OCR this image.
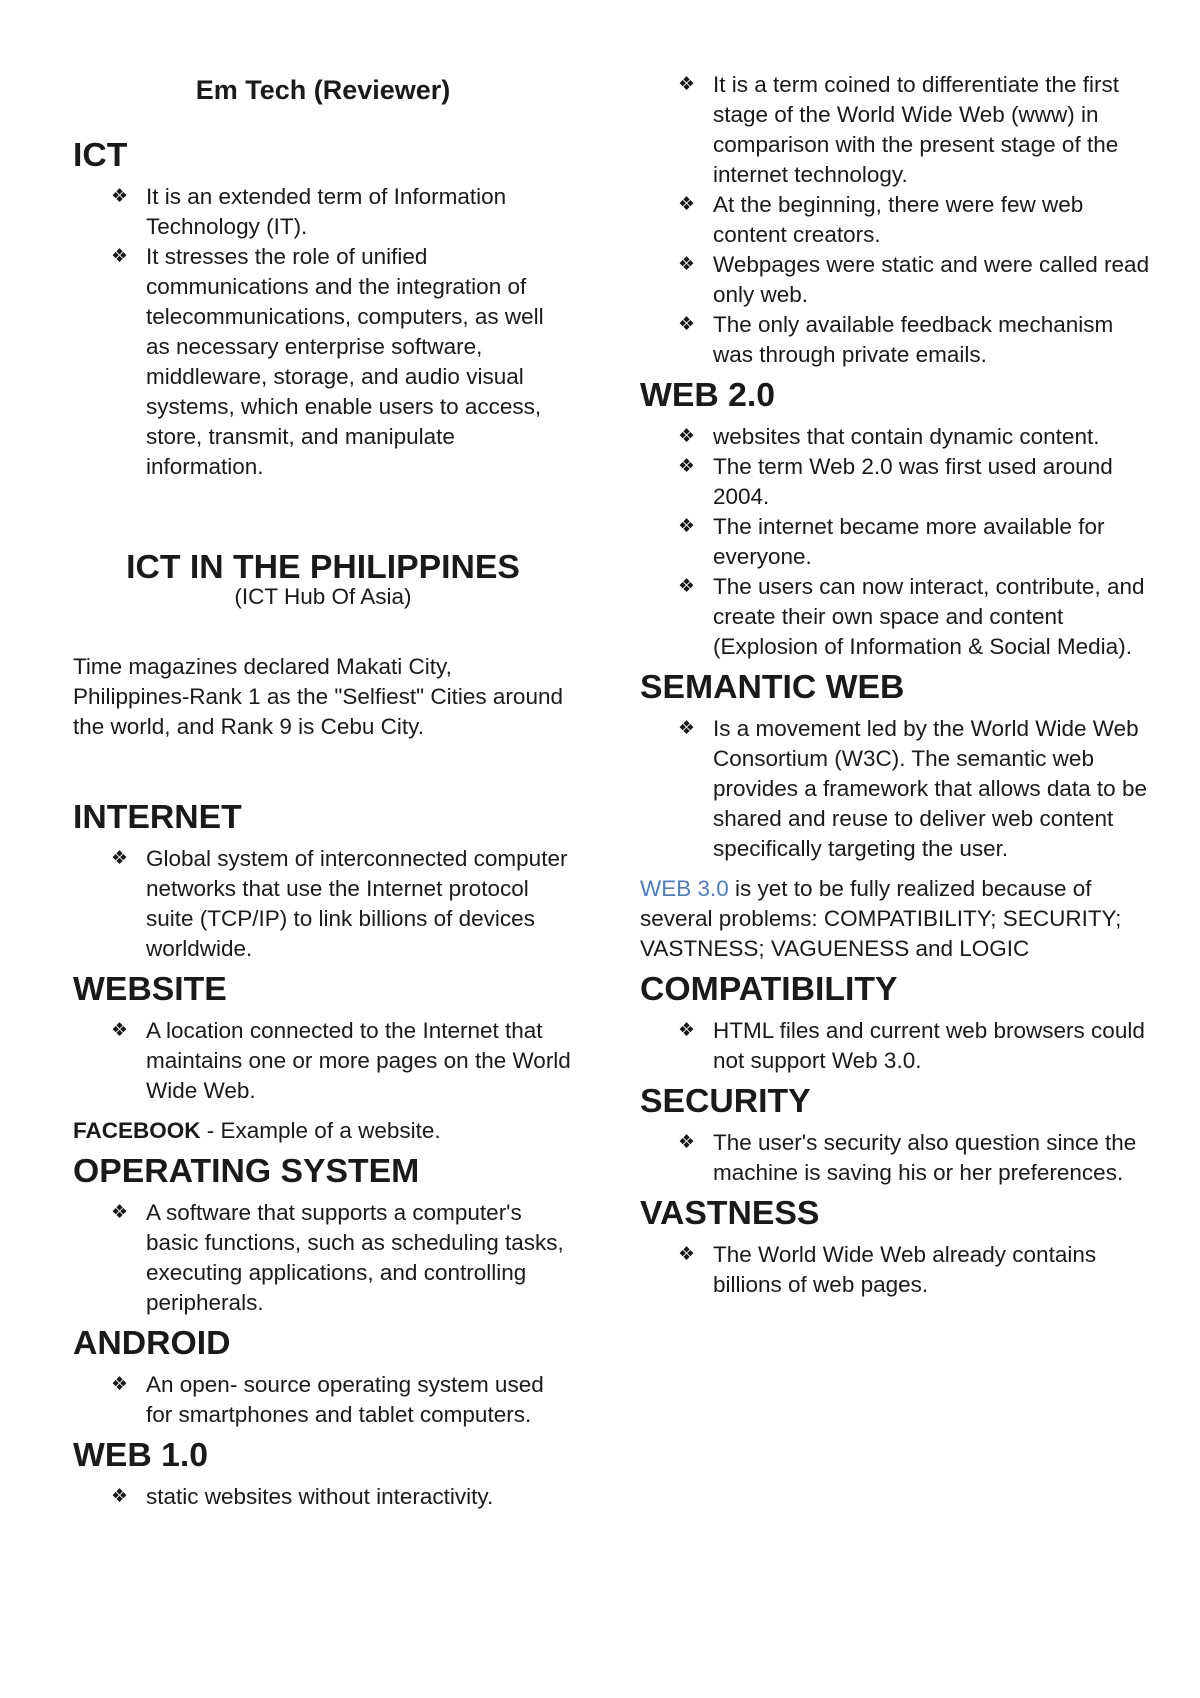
Em Tech (Reviewer)
ICT
❖ It is an extended term of Information Technology (IT).
❖ It stresses the role of unified communications and the integration of telecommunications, computers, as well as necessary enterprise software, middleware, storage, and audio visual systems, which enable users to access, store, transmit, and manipulate information.
ICT IN THE PHILIPPINES

(ICT Hub Of Asia)

Time magazines declared Makati City, Philippines-Rank 1 as the "Selfiest" Cities around the world, and Rank 9 is Cebu City.

INTERNET
❖ Global system of interconnected computer networks that use the Internet protocol suite (TCP/IP) to link billions of devices worldwide.
WEBSITE
❖ A location connected to the Internet that maintains one or more pages on the World Wide Web.

FACEBOOK - Example of a website.

OPERATING SYSTEM
❖ A software that supports a computer's basic functions, such as scheduling tasks, executing applications, and controlling peripherals.
ANDROID
❖ An open- source operating system used for smartphones and tablet computers.
WEB 1.0
❖ static websites without interactivity.
❖ It is a term coined to differentiate the first stage of the World Wide Web (www) in comparison with the present stage of the internet technology.
❖ At the beginning, there were few web content creators.
❖ Webpages were static and were called read only web.
❖ The only available feedback mechanism was through private emails.
WEB 2.0
❖ websites that contain dynamic content.
❖ The term Web 2.0 was first used around 2004.
❖ The internet became more available for everyone.
❖ The users can now interact, contribute, and create their own space and content (Explosion of Information & Social Media).
SEMANTIC WEB
❖ Is a movement led by the World Wide Web Consortium (W3C). The semantic web provides a framework that allows data to be shared and reuse to deliver web content specifically targeting the user.

WEB 3.0 is yet to be fully realized because of several problems: COMPATIBILITY; SECURITY; VASTNESS; VAGUENESS and LOGIC

COMPATIBILITY
❖ HTML files and current web browsers could not support Web 3.0.
SECURITY
❖ The user's security also question since the machine is saving his or her preferences.
VASTNESS
❖ The World Wide Web already contains billions of web pages.
